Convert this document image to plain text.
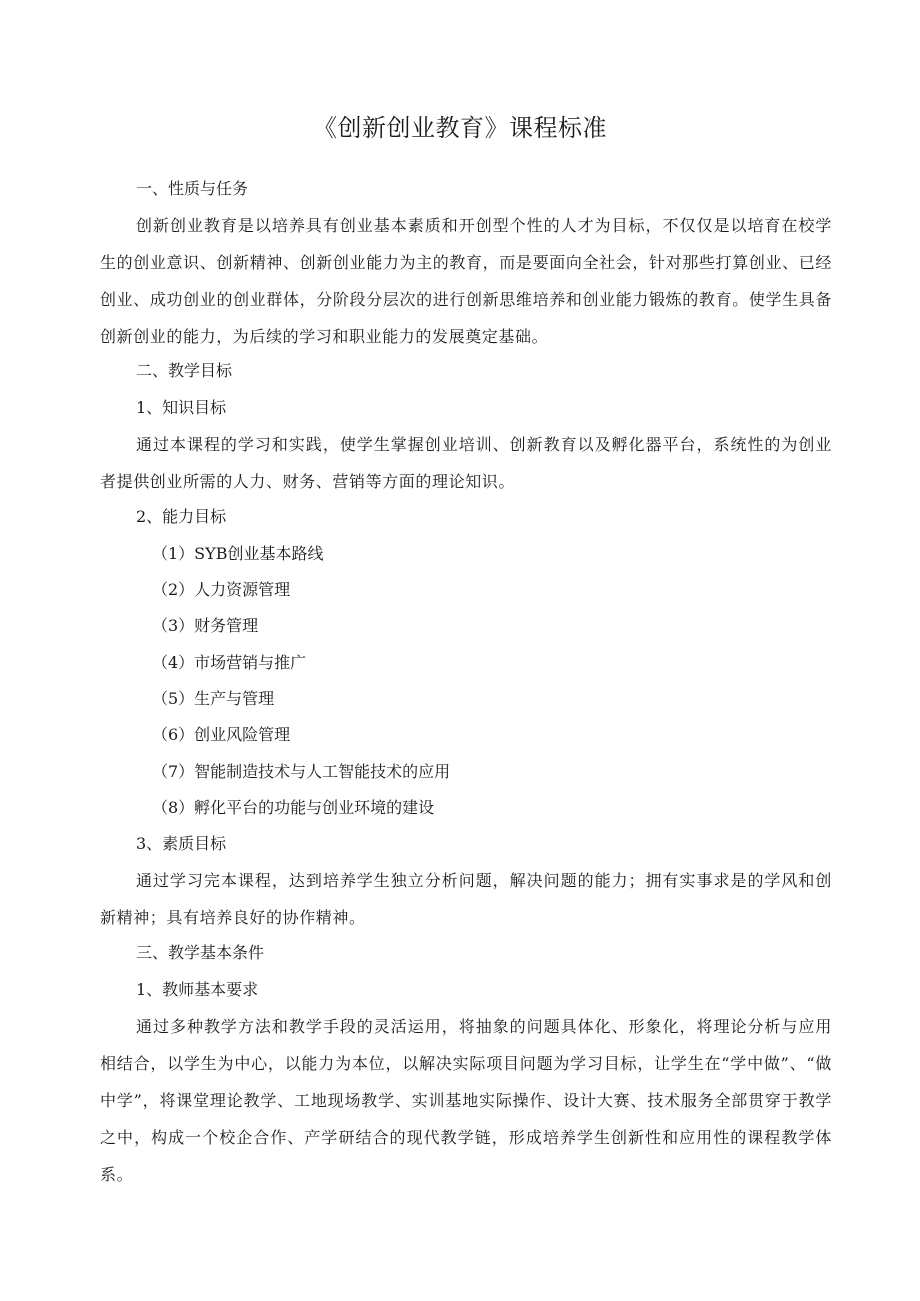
《创新创业教育》课程标准

一、性质与任务

创新创业教育是以培养具有创业基本素质和开创型个性的人才为目标，不仅仅是以培育在校学生的创业意识、创新精神、创新创业能力为主的教育，而是要面向全社会，针对那些打算创业、已经创业、成功创业的创业群体，分阶段分层次的进行创新思维培养和创业能力锻炼的教育。使学生具备创新创业的能力，为后续的学习和职业能力的发展奠定基础。

二、教学目标

1、知识目标

通过本课程的学习和实践，使学生掌握创业培训、创新教育以及孵化器平台，系统性的为创业者提供创业所需的人力、财务、营销等方面的理论知识。

2、能力目标

（1）SYB创业基本路线

（2）人力资源管理

（3）财务管理

（4）市场营销与推广

（5）生产与管理

（6）创业风险管理

（7）智能制造技术与人工智能技术的应用

（8）孵化平台的功能与创业环境的建设

3、素质目标

通过学习完本课程，达到培养学生独立分析问题，解决问题的能力；拥有实事求是的学风和创新精神；具有培养良好的协作精神。

三、教学基本条件

1、教师基本要求

通过多种教学方法和教学手段的灵活运用，将抽象的问题具体化、形象化，将理论分析与应用相结合，以学生为中心，以能力为本位，以解决实际项目问题为学习目标，让学生在“学中做”、“做中学”，将课堂理论教学、工地现场教学、实训基地实际操作、设计大赛、技术服务全部贯穿于教学之中，构成一个校企合作、产学研结合的现代教学链，形成培养学生创新性和应用性的课程教学体系。
